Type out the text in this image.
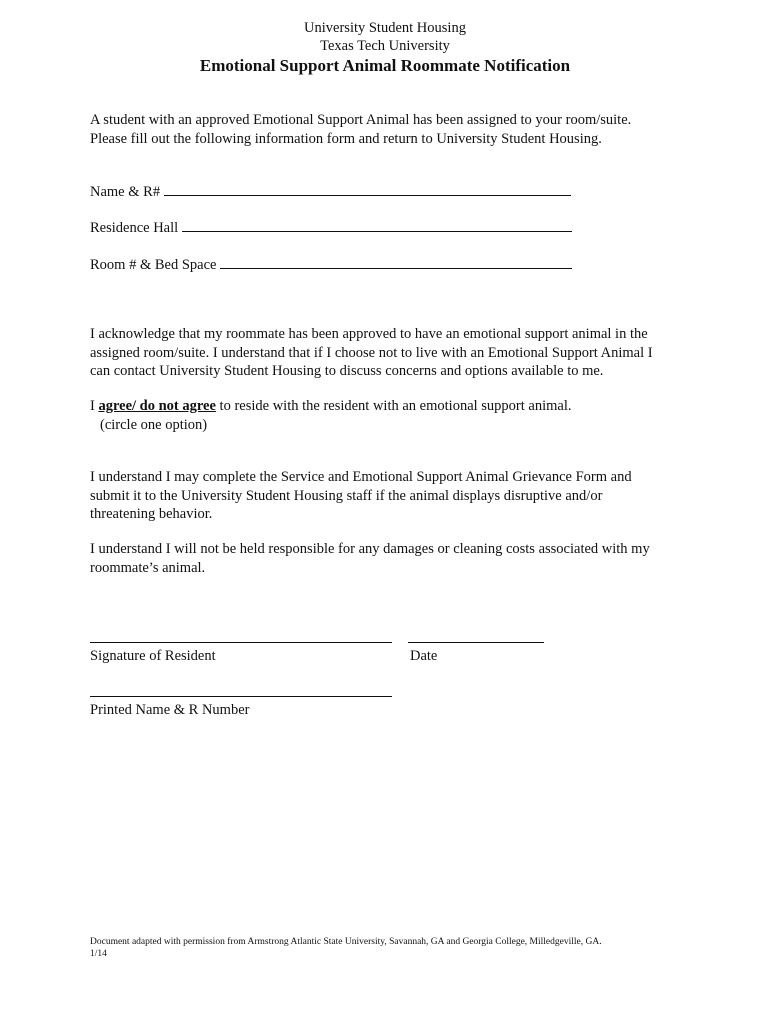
University Student Housing
Texas Tech University
Emotional Support Animal Roommate Notification
A student with an approved Emotional Support Animal has been assigned to your room/suite.
Please fill out the following information form and return to University Student Housing.
Name & R#
Residence Hall
Room # & Bed Space
I acknowledge that my roommate has been approved to have an emotional support animal in the
assigned room/suite. I understand that if I choose not to live with an Emotional Support Animal I
can contact University Student Housing to discuss concerns and options available to me.
I agree/ do not agree to reside with the resident with an emotional support animal.
(circle one option)
I understand I may complete the Service and Emotional Support Animal Grievance Form and
submit it to the University Student Housing staff if the animal displays disruptive and/or
threatening behavior.
I understand I will not be held responsible for any damages or cleaning costs associated with my
roommate’s animal.
Signature of Resident	Date
Printed Name & R Number
Document adapted with permission from Armstrong Atlantic State University, Savannah, GA and Georgia College, Milledgeville, GA.
1/14
